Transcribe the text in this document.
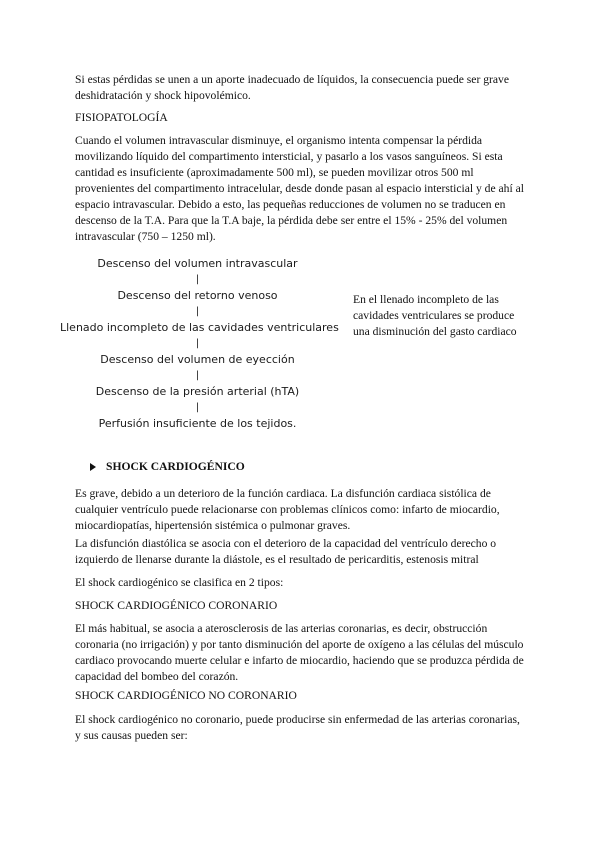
Si estas pérdidas se unen a un aporte inadecuado de líquidos, la consecuencia puede ser grave deshidratación y shock hipovolémico.

FISIOPATOLOGÍA

Cuando el volumen intravascular disminuye, el organismo intenta compensar la pérdida movilizando líquido del compartimento intersticial, y pasarlo a los vasos sanguíneos. Si esta cantidad es insuficiente (aproximadamente 500 ml), se pueden movilizar otros 500 ml provenientes del compartimento intracelular, desde donde pasan al espacio intersticial y de ahí al espacio intravascular. Debido a esto, las pequeñas reducciones de volumen no se traducen en descenso de la T.A. Para que la T.A baje, la pérdida debe ser entre el 15% - 25% del volumen intravascular (750 – 1250 ml).

Descenso del volumen intravascular
|
Descenso del retorno venoso
|
Llenado incompleto de las cavidades ventriculares
|
Descenso del volumen de eyección
|
Descenso de la presión arterial (hTA)
|
Perfusión insuficiente de los tejidos.

En el llenado incompleto de las cavidades ventriculares se produce una disminución del gasto cardiaco

SHOCK CARDIOGÉNICO

Es grave, debido a un deterioro de la función cardiaca. La disfunción cardiaca sistólica de cualquier ventrículo puede relacionarse con problemas clínicos como: infarto de miocardio, miocardiopatías, hipertensión sistémica o pulmonar graves.

La disfunción diastólica se asocia con el deterioro de la capacidad del ventrículo derecho o izquierdo de llenarse durante la diástole, es el resultado de pericarditis, estenosis mitral

El shock cardiogénico se clasifica en 2 tipos:

SHOCK CARDIOGÉNICO CORONARIO

El más habitual, se asocia a aterosclerosis de las arterias coronarias, es decir, obstrucción coronaria (no irrigación) y por tanto disminución del aporte de oxígeno a las células del músculo cardiaco provocando muerte celular e infarto de miocardio, haciendo que se produzca pérdida de capacidad del bombeo del corazón.

SHOCK CARDIOGÉNICO NO CORONARIO

El shock cardiogénico no coronario, puede producirse sin enfermedad de las arterias coronarias, y sus causas pueden ser:
